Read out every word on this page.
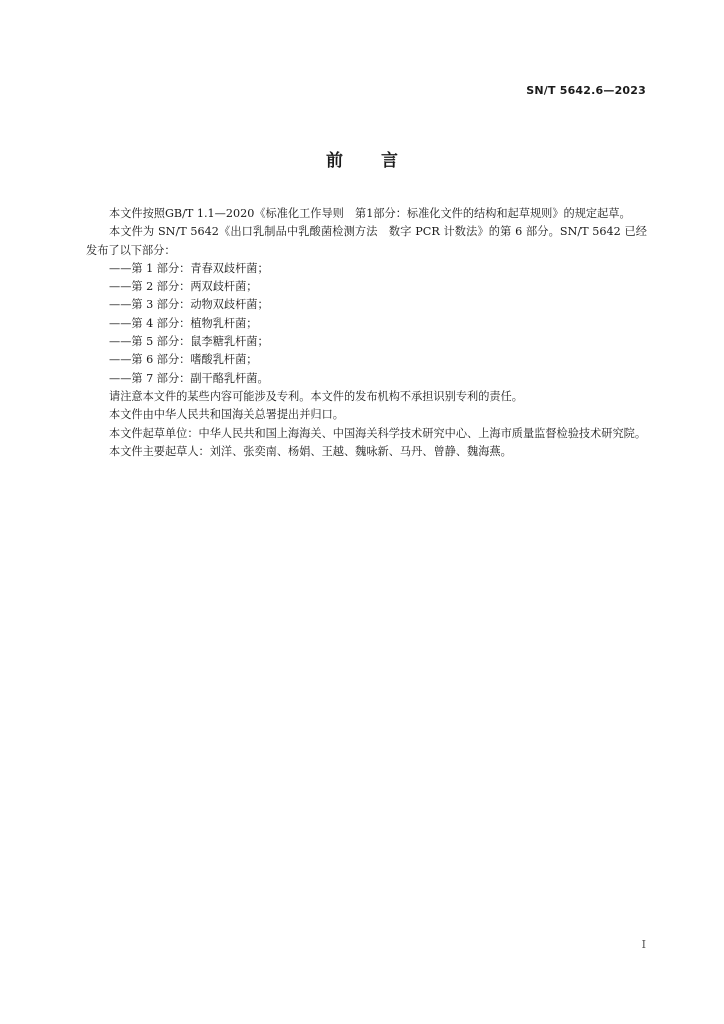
SN/T 5642.6—2023
前言

本文件按照GB/T 1.1—2020《标准化工作导则　第1部分：标准化文件的结构和起草规则》的规定起草。

本文件为 SN/T 5642《出口乳制品中乳酸菌检测方法　数字 PCR 计数法》的第 6 部分。SN/T 5642 已经发布了以下部分：

——第 1 部分：青春双歧杆菌；

——第 2 部分：两双歧杆菌；

——第 3 部分：动物双歧杆菌；

——第 4 部分：植物乳杆菌；

——第 5 部分：鼠李糖乳杆菌；

——第 6 部分：嗜酸乳杆菌；

——第 7 部分：副干酪乳杆菌。

请注意本文件的某些内容可能涉及专利。本文件的发布机构不承担识别专利的责任。

本文件由中华人民共和国海关总署提出并归口。

本文件起草单位：中华人民共和国上海海关、中国海关科学技术研究中心、上海市质量监督检验技术研究院。

本文件主要起草人：刘洋、张奕南、杨娟、王越、魏咏新、马丹、曾静、魏海燕。

I
